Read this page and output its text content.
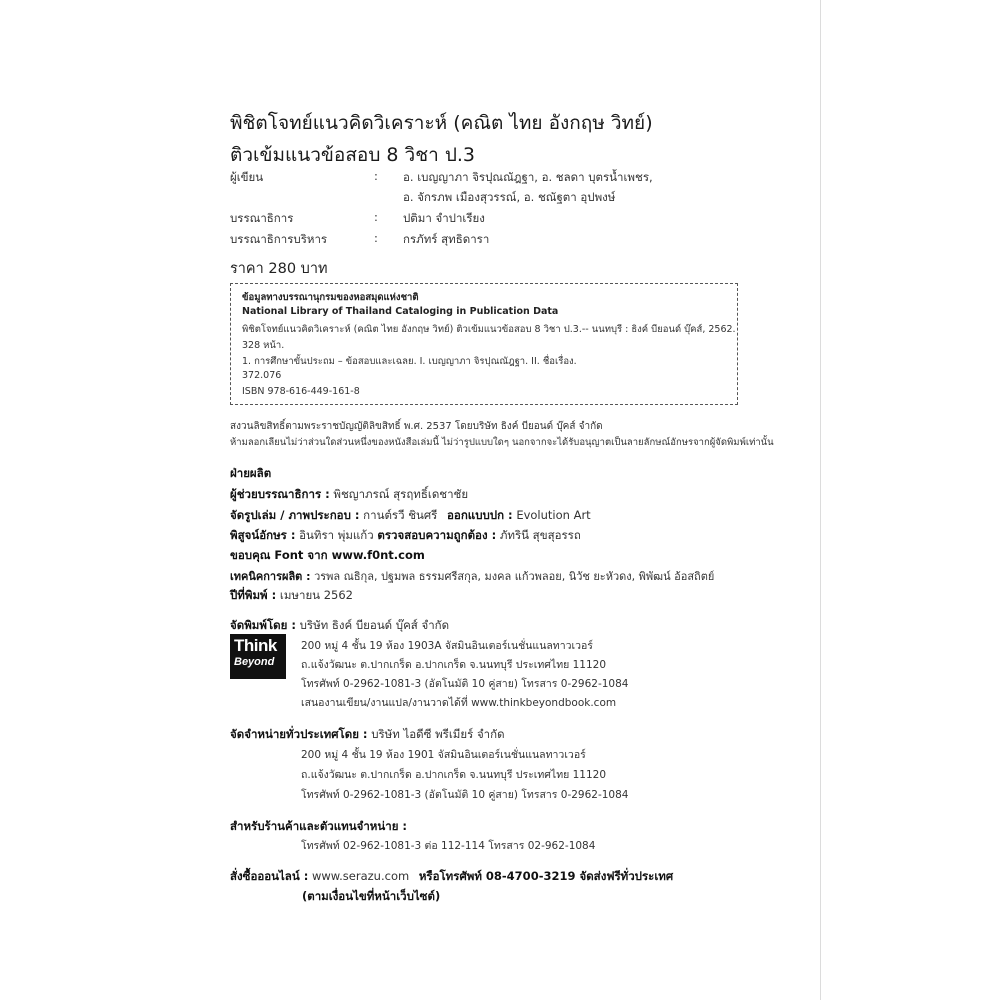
พิชิตโจทย์แนวคิดวิเคราะห์ (คณิต ไทย อังกฤษ วิทย์)
ติวเข้มแนวข้อสอบ 8 วิชา ป.3
ผู้เขียน	: อ. เบญญาภา จิรปุณณัฎฐา, อ. ชลดา บุตรน้ำเพชร,
อ. จักรภพ เมืองสุวรรณ์, อ. ชณัฐตา อุปพงษ์
บรรณาธิการ	: ปติมา จำปาเรียง
บรรณาธิการบริหาร	: กรภัทร์ สุทธิดารา
ราคา 280 บาท
ข้อมูลทางบรรณานุกรมของหอสมุดแห่งชาติ
National Library of Thailand Cataloging in Publication Data
พิชิตโจทย์แนวคิดวิเคราะห์ (คณิต ไทย อังกฤษ วิทย์) ติวเข้มแนวข้อสอบ 8 วิชา ป.3.-- นนทบุรี : ธิงค์ บียอนด์ บุ๊คส์, 2562.
328 หน้า.
1. การศึกษาขั้นประถม – ข้อสอบและเฉลย. I. เบญญาภา จิรปุณณัฎฐา. II. ชื่อเรื่อง.
372.076
ISBN 978-616-449-161-8
สงวนลิขสิทธิ์ตามพระราชบัญญัติลิขสิทธิ์ พ.ศ. 2537 โดยบริษัท ธิงค์ บียอนด์ บุ๊คส์ จำกัด
ห้ามลอกเลียนไม่ว่าส่วนใดส่วนหนึ่งของหนังสือเล่มนี้ ไม่ว่ารูปแบบใดๆ นอกจากจะได้รับอนุญาตเป็นลายลักษณ์อักษรจากผู้จัดพิมพ์เท่านั้น
ฝ่ายผลิต
ผู้ช่วยบรรณาธิการ : พิชญาภรณ์ สุรฤทธิ์เดชาชัย
จัดรูปเล่ม / ภาพประกอบ : กานต์รวี ชินศรี ออกแบบปก : Evolution Art
พิสูจน์อักษร : อินทิรา พุ่มแก้ว ตรวจสอบความถูกต้อง : ภัทรินี สุขสุอรรถ
ขอบคุณ Font จาก www.f0nt.com
เทคนิคการผลิต : วรพล ณธิกุล, ปฐมพล ธรรมศรีสกุล, มงคล แก้วพลอย, นิวัช ยะหัวดง, พิพัฒน์ อ้อสถิตย์
ปีที่พิมพ์ : เมษายน 2562
จัดพิมพ์โดย : บริษัท ธิงค์ บียอนด์ บุ๊คส์ จำกัด
Think
Beyond
200 หมู่ 4 ชั้น 19 ห้อง 1903A จัสมินอินเตอร์เนชั่นแนลทาวเวอร์
ถ.แจ้งวัฒนะ ต.ปากเกร็ด อ.ปากเกร็ด จ.นนทบุรี ประเทศไทย 11120
โทรศัพท์ 0-2962-1081-3 (อัตโนมัติ 10 คู่สาย) โทรสาร 0-2962-1084
เสนองานเขียน/งานแปล/งานวาดได้ที่ www.thinkbeyondbook.com
จัดจำหน่ายทั่วประเทศโดย : บริษัท ไอดีซี พรีเมียร์ จำกัด
200 หมู่ 4 ชั้น 19 ห้อง 1901 จัสมินอินเตอร์เนชั่นแนลทาวเวอร์
ถ.แจ้งวัฒนะ ต.ปากเกร็ด อ.ปากเกร็ด จ.นนทบุรี ประเทศไทย 11120
โทรศัพท์ 0-2962-1081-3 (อัตโนมัติ 10 คู่สาย) โทรสาร 0-2962-1084
สำหรับร้านค้าและตัวแทนจำหน่าย :
โทรศัพท์ 02-962-1081-3 ต่อ 112-114 โทรสาร 02-962-1084
สั่งซื้อออนไลน์ : www.serazu.com หรือโทรศัพท์ 08-4700-3219 จัดส่งฟรีทั่วประเทศ
(ตามเงื่อนไขที่หน้าเว็บไซต์)
